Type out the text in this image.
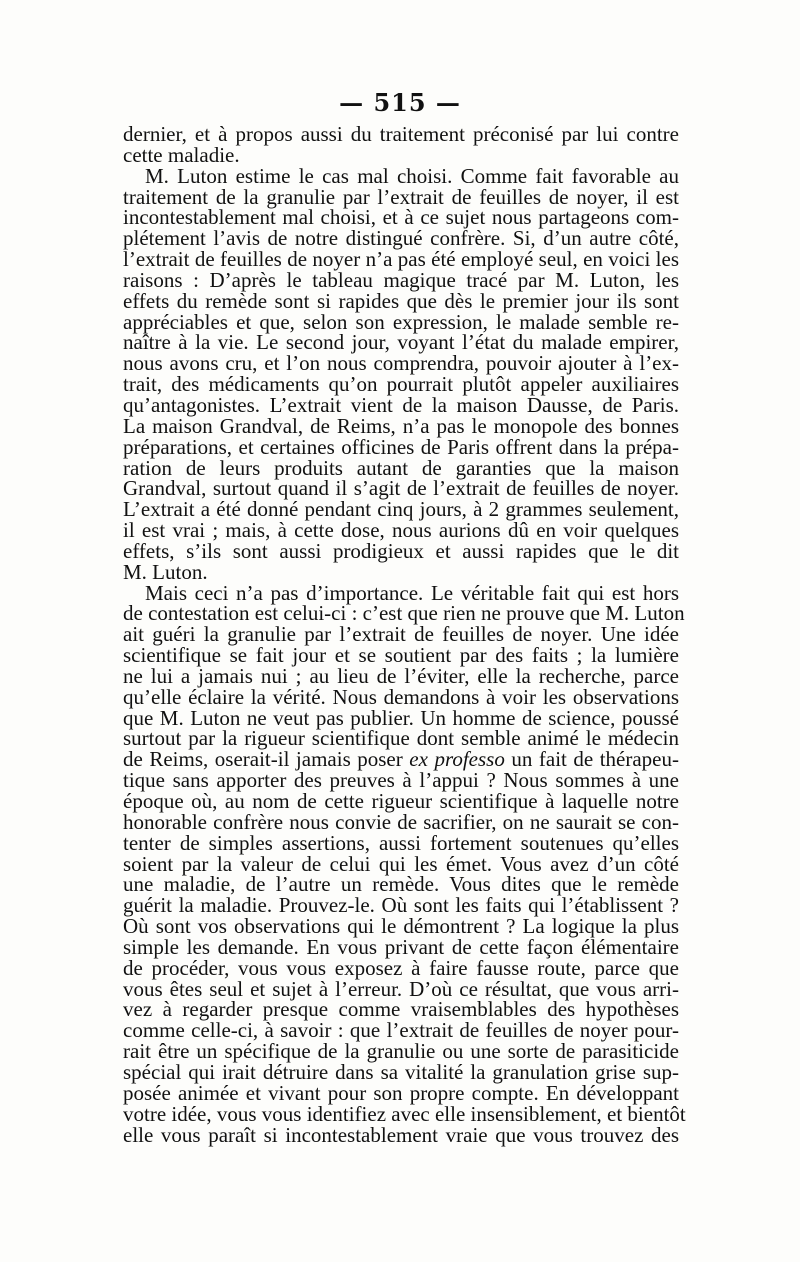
— 515 —
dernier, et à propos aussi du traitement préconisé par lui contre
cette maladie.
M. Luton estime le cas mal choisi. Comme fait favorable au
traitement de la granulie par l’extrait de feuilles de noyer, il est
incontestablement mal choisi, et à ce sujet nous partageons com-
plétement l’avis de notre distingué confrère. Si, d’un autre côté,
l’extrait de feuilles de noyer n’a pas été employé seul, en voici les
raisons : D’après le tableau magique tracé par M. Luton, les
effets du remède sont si rapides que dès le premier jour ils sont
appréciables et que, selon son expression, le malade semble re-
naître à la vie. Le second jour, voyant l’état du malade empirer,
nous avons cru, et l’on nous comprendra, pouvoir ajouter à l’ex-
trait, des médicaments qu’on pourrait plutôt appeler auxiliaires
qu’antagonistes. L’extrait vient de la maison Dausse, de Paris.
La maison Grandval, de Reims, n’a pas le monopole des bonnes
préparations, et certaines officines de Paris offrent dans la prépa-
ration de leurs produits autant de garanties que la maison
Grandval, surtout quand il s’agit de l’extrait de feuilles de noyer.
L’extrait a été donné pendant cinq jours, à 2 grammes seulement,
il est vrai ; mais, à cette dose, nous aurions dû en voir quelques
effets, s’ils sont aussi prodigieux et aussi rapides que le dit
M. Luton.
Mais ceci n’a pas d’importance. Le véritable fait qui est hors
de contestation est celui-ci : c’est que rien ne prouve que M. Luton
ait guéri la granulie par l’extrait de feuilles de noyer. Une idée
scientifique se fait jour et se soutient par des faits ; la lumière
ne lui a jamais nui ; au lieu de l’éviter, elle la recherche, parce
qu’elle éclaire la vérité. Nous demandons à voir les observations
que M. Luton ne veut pas publier. Un homme de science, poussé
surtout par la rigueur scientifique dont semble animé le médecin
de Reims, oserait-il jamais poser ex professo un fait de thérapeu-
tique sans apporter des preuves à l’appui ? Nous sommes à une
époque où, au nom de cette rigueur scientifique à laquelle notre
honorable confrère nous convie de sacrifier, on ne saurait se con-
tenter de simples assertions, aussi fortement soutenues qu’elles
soient par la valeur de celui qui les émet. Vous avez d’un côté
une maladie, de l’autre un remède. Vous dites que le remède
guérit la maladie. Prouvez-le. Où sont les faits qui l’établissent ?
Où sont vos observations qui le démontrent ? La logique la plus
simple les demande. En vous privant de cette façon élémentaire
de procéder, vous vous exposez à faire fausse route, parce que
vous êtes seul et sujet à l’erreur. D’où ce résultat, que vous arri-
vez à regarder presque comme vraisemblables des hypothèses
comme celle-ci, à savoir : que l’extrait de feuilles de noyer pour-
rait être un spécifique de la granulie ou une sorte de parasiticide
spécial qui irait détruire dans sa vitalité la granulation grise sup-
posée animée et vivant pour son propre compte. En développant
votre idée, vous vous identifiez avec elle insensiblement, et bientôt
elle vous paraît si incontestablement vraie que vous trouvez des
